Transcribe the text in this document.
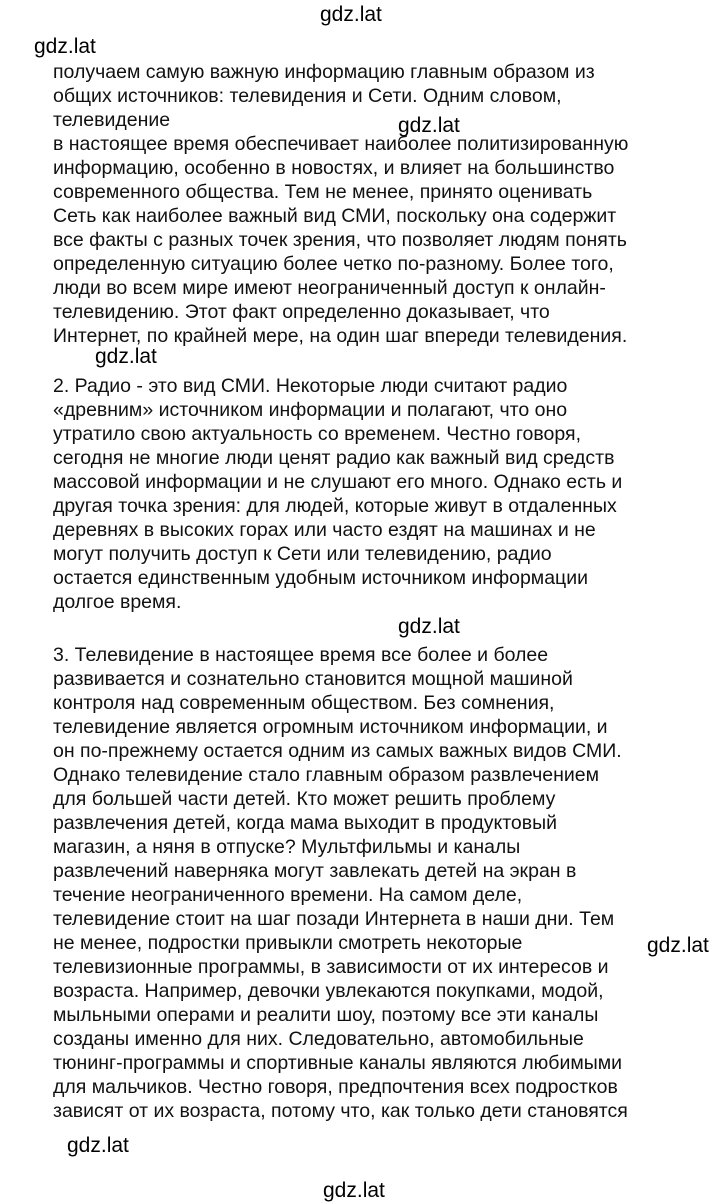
gdz.lat
gdz.lat
gdz.lat
gdz.lat
gdz.lat
gdz.lat
gdz.lat
gdz.lat
получаем самую важную информацию главным образом из
общих источников: телевидения и Сети. Одним словом,
телевидение
в настоящее время обеспечивает наиболее политизированную
информацию, особенно в новостях, и влияет на большинство
современного общества. Тем не менее, принято оценивать
Сеть как наиболее важный вид СМИ, поскольку она содержит
все факты с разных точек зрения, что позволяет людям понять
определенную ситуацию более четко по-разному. Более того,
люди во всем мире имеют неограниченный доступ к онлайн-
телевидению. Этот факт определенно доказывает, что
Интернет, по крайней мере, на один шаг впереди телевидения.
2. Радио - это вид СМИ. Некоторые люди считают радио
«древним» источником информации и полагают, что оно
утратило свою актуальность со временем. Честно говоря,
сегодня не многие люди ценят радио как важный вид средств
массовой информации и не слушают его много. Однако есть и
другая точка зрения: для людей, которые живут в отдаленных
деревнях в высоких горах или часто ездят на машинах и не
могут получить доступ к Сети или телевидению, радио
остается единственным удобным источником информации
долгое время.
3. Телевидение в настоящее время все более и более
развивается и сознательно становится мощной машиной
контроля над современным обществом. Без сомнения,
телевидение является огромным источником информации, и
он по-прежнему остается одним из самых важных видов СМИ.
Однако телевидение стало главным образом развлечением
для большей части детей. Кто может решить проблему
развлечения детей, когда мама выходит в продуктовый
магазин, а няня в отпуске? Мультфильмы и каналы
развлечений наверняка могут завлекать детей на экран в
течение неограниченного времени. На самом деле,
телевидение стоит на шаг позади Интернета в наши дни. Тем
не менее, подростки привыкли смотреть некоторые
телевизионные программы, в зависимости от их интересов и
возраста. Например, девочки увлекаются покупками, модой,
мыльными операми и реалити шоу, поэтому все эти каналы
созданы именно для них. Следовательно, автомобильные
тюнинг-программы и спортивные каналы являются любимыми
для мальчиков. Честно говоря, предпочтения всех подростков
зависят от их возраста, потому что, как только дети становятся
